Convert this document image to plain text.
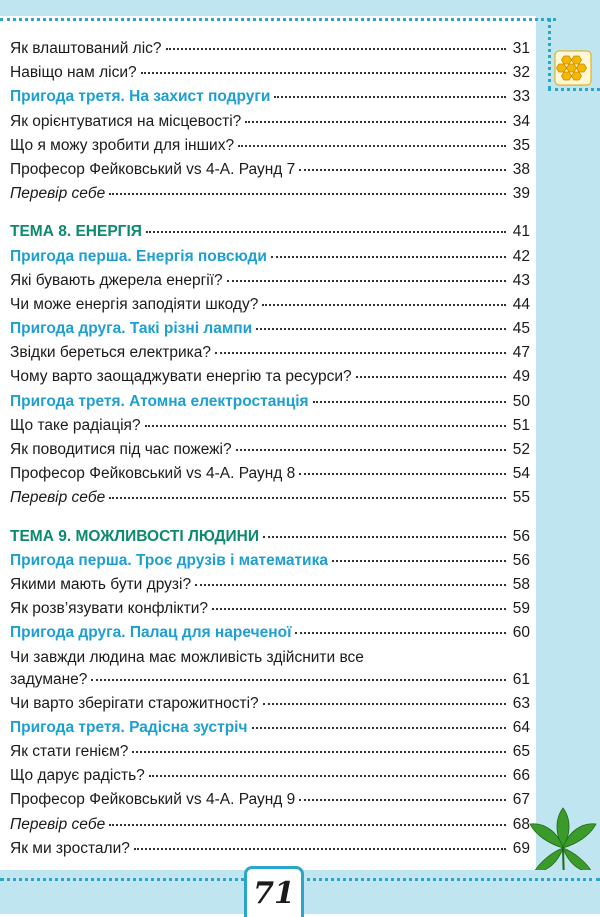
Як влаштований ліс?	31
Навіщо нам ліси?	32
Пригода третя. На захист подруги	33
Як орієнтуватися на місцевості?	34
Що я можу зробити для інших?	35
Професор Фейковський vs 4-А. Раунд 7	38
Перевір себе	39
ТЕМА 8. ЕНЕРГІЯ	41
Пригода перша. Енергія повсюди	42
Які бувають джерела енергії?	43
Чи може енергія заподіяти шкоду?	44
Пригода друга. Такі різні лампи	45
Звідки береться електрика?	47
Чому варто заощаджувати енергію та ресурси?	49
Пригода третя. Атомна електростанція	50
Що таке радіація?	51
Як поводитися під час пожежі?	52
Професор Фейковський vs 4-А. Раунд 8	54
Перевір себе	55
ТЕМА 9. МОЖЛИВОСТІ ЛЮДИНИ	56
Пригода перша. Троє друзів і математика	56
Якими мають бути друзі?	58
Як розв’язувати конфлікти?	59
Пригода друга. Палац для нареченої	60
Чи завжди людина має можливість здійснити все
задумане?	61
Чи варто зберігати старожитності?	63
Пригода третя. Радісна зустріч	64
Як стати генієм?	65
Що дарує радість?	66
Професор Фейковський vs 4-А. Раунд 9	67
Перевір себе	68
Як ми зростали?	69
71
